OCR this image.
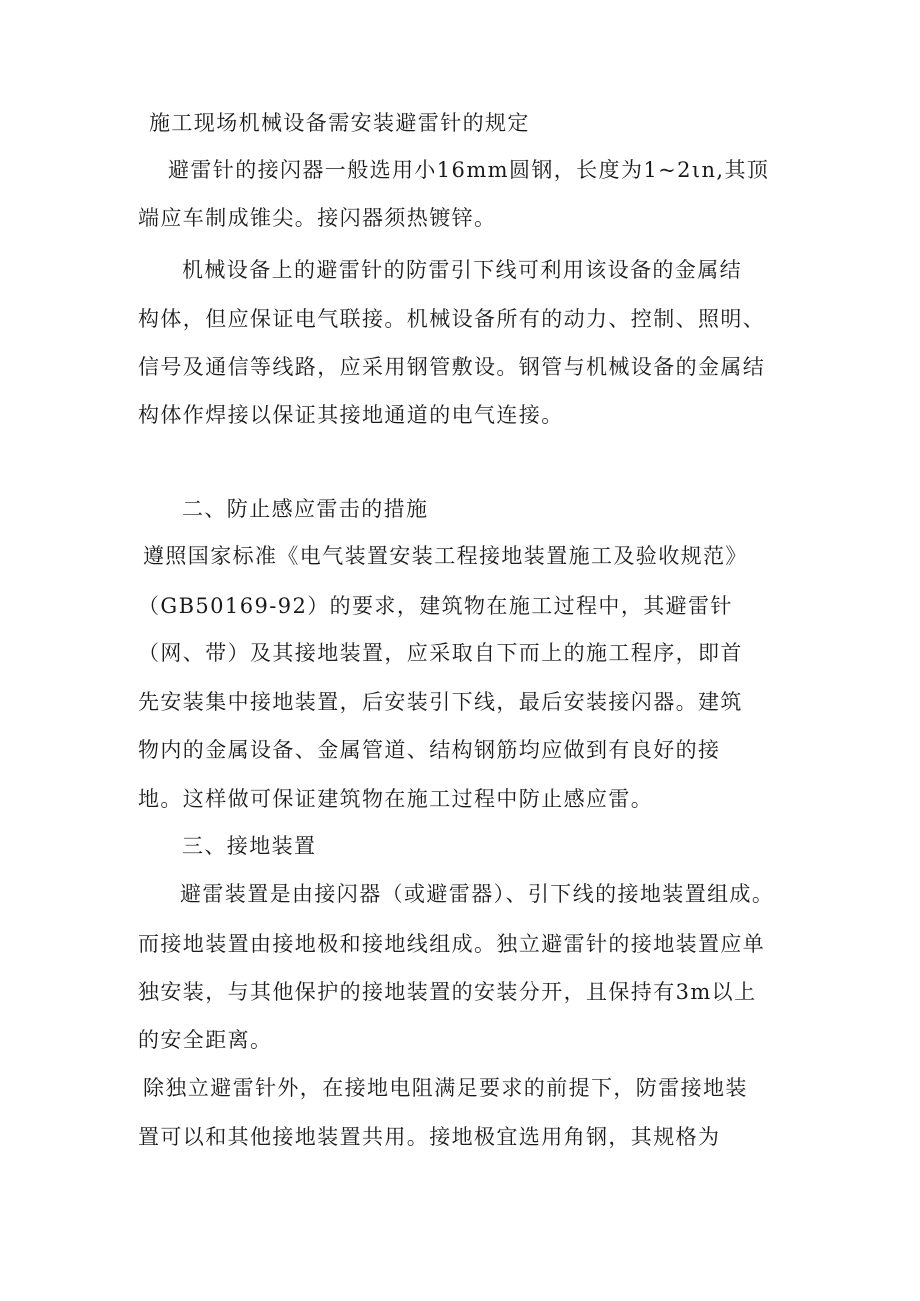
施工现场机械设备需安装避雷针的规定
避雷针的接闪器一般选用小16mm圆钢，长度为1~2ιn,其顶
端应车制成锥尖。接闪器须热镀锌。
机械设备上的避雷针的防雷引下线可利用该设备的金属结
构体，但应保证电气联接。机械设备所有的动力、控制、照明、
信号及通信等线路，应采用钢管敷设。钢管与机械设备的金属结
构体作焊接以保证其接地通道的电气连接。
二、防止感应雷击的措施
遵照国家标准《电气装置安装工程接地装置施工及验收规范》
（GB50169-92）的要求，建筑物在施工过程中，其避雷针
（网、带）及其接地装置，应采取自下而上的施工程序，即首
先安装集中接地装置，后安装引下线，最后安装接闪器。建筑
物内的金属设备、金属管道、结构钢筋均应做到有良好的接
地。这样做可保证建筑物在施工过程中防止感应雷。
三、接地装置
避雷装置是由接闪器（或避雷器）、引下线的接地装置组成。
而接地装置由接地极和接地线组成。独立避雷针的接地装置应单
独安装，与其他保护的接地装置的安装分开，且保持有3m以上
的安全距离。
除独立避雷针外，在接地电阻满足要求的前提下，防雷接地装
置可以和其他接地装置共用。接地极宜选用角钢，其规格为
